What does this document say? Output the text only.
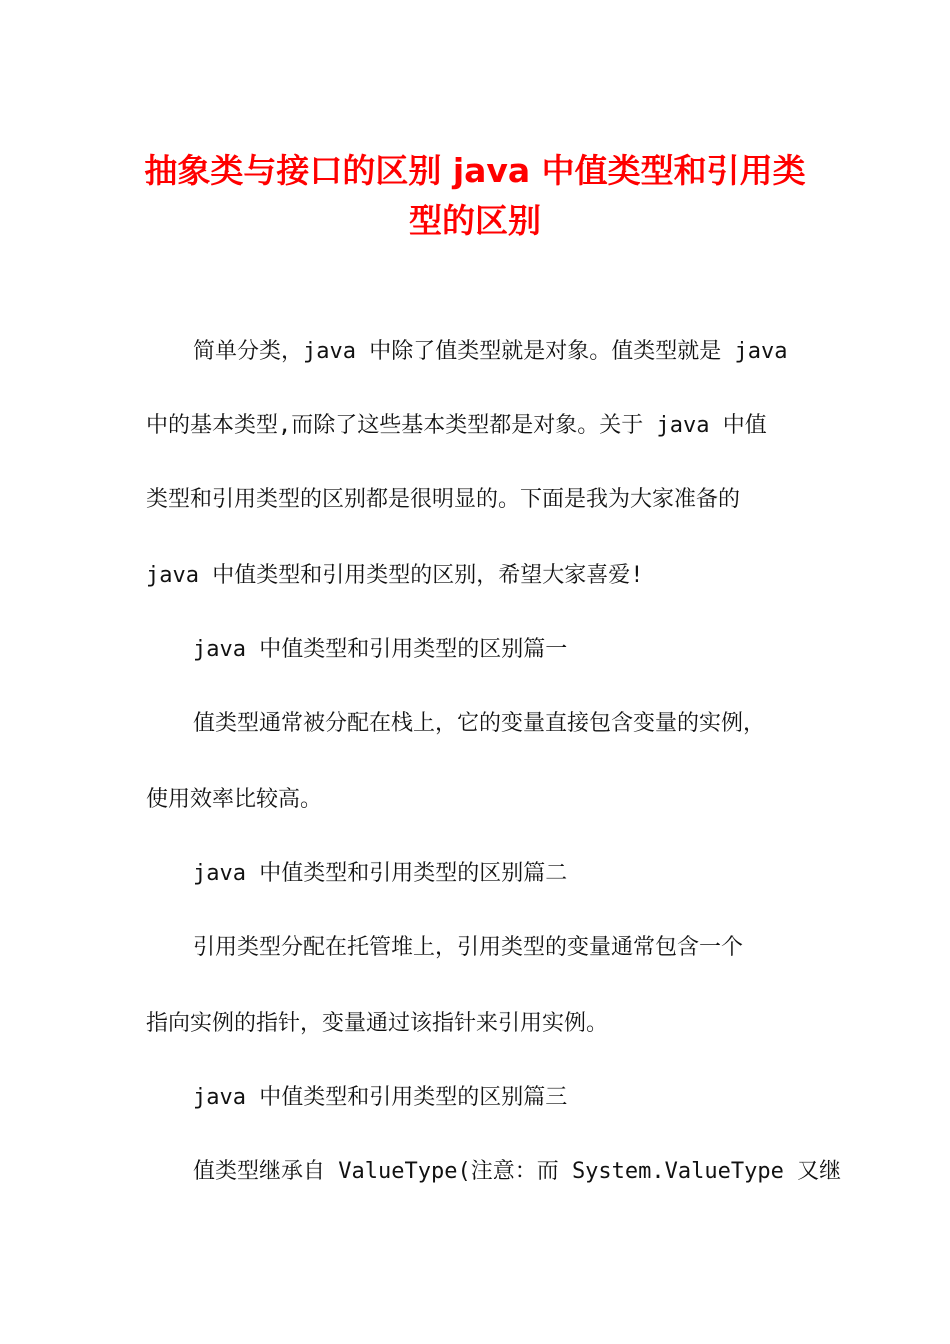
抽象类与接口的区别 java 中值类型和引用类
型的区别
简单分类，java 中除了值类型就是对象。值类型就是 java
中的基本类型,而除了这些基本类型都是对象。关于 java 中值
类型和引用类型的区别都是很明显的。下面是我为大家准备的
java 中值类型和引用类型的区别，希望大家喜爱!
java 中值类型和引用类型的区别篇一
值类型通常被分配在栈上，它的变量直接包含变量的实例，
使用效率比较高。
java 中值类型和引用类型的区别篇二
引用类型分配在托管堆上，引用类型的变量通常包含一个
指向实例的指针，变量通过该指针来引用实例。
java 中值类型和引用类型的区别篇三
值类型继承自 ValueType(注意：而 System.ValueType 又继
